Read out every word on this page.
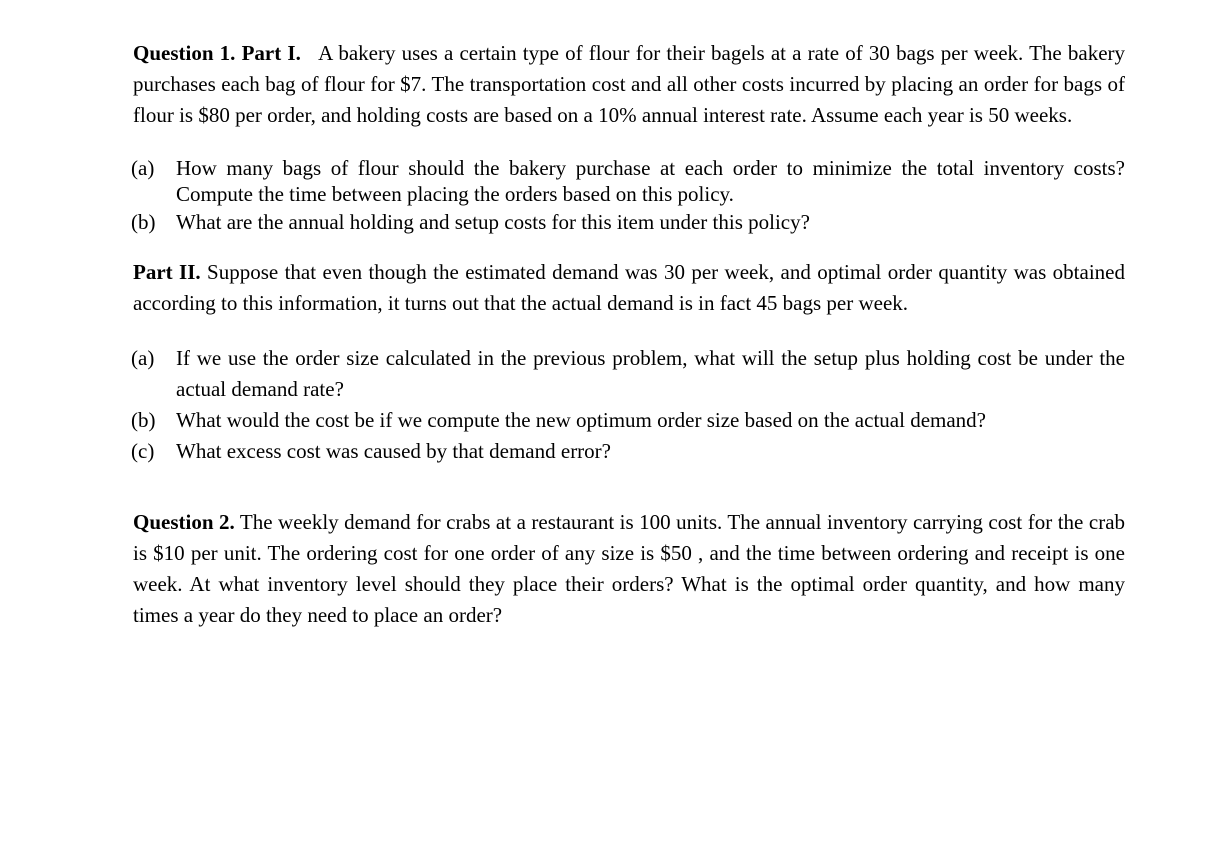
Question 1. Part I. A bakery uses a certain type of flour for their bagels at a rate of 30 bags per week. The bakery purchases each bag of flour for $7. The transportation cost and all other costs incurred by placing an order for bags of flour is $80 per order, and holding costs are based on a 10% annual interest rate. Assume each year is 50 weeks.

(a) How many bags of flour should the bakery purchase at each order to minimize the total inventory costs? Compute the time between placing the orders based on this policy.
(b) What are the annual holding and setup costs for this item under this policy?

Part II. Suppose that even though the estimated demand was 30 per week, and optimal order quantity was obtained according to this information, it turns out that the actual demand is in fact 45 bags per week.

(a) If we use the order size calculated in the previous problem, what will the setup plus holding cost be under the actual demand rate?
(b) What would the cost be if we compute the new optimum order size based on the actual demand?
(c) What excess cost was caused by that demand error?

Question 2. The weekly demand for crabs at a restaurant is 100 units. The annual inventory carrying cost for the crab is $10 per unit. The ordering cost for one order of any size is $50 , and the time between ordering and receipt is one week. At what inventory level should they place their orders? What is the optimal order quantity, and how many times a year do they need to place an order?
